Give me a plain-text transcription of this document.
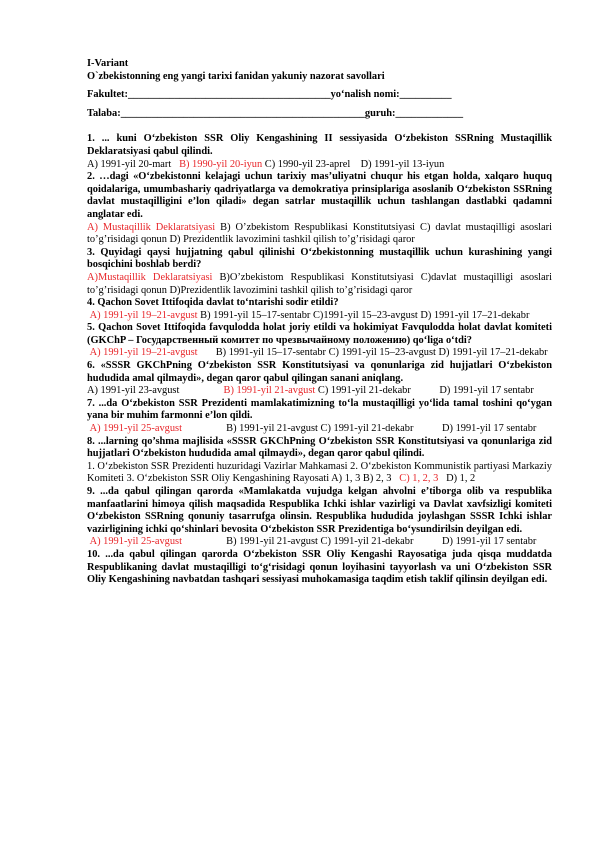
I-Variant
O`zbekistonning eng yangi tarixi fanidan yakuniy nazorat savollari
Fakultet:_______________________________________yo‘nalish nomi:__________
Talaba:_______________________________________________guruh:_____________
1. ... kuni O‘zbekiston SSR Oliy Kengashining II sessiyasida O‘zbekiston SSRning Mustaqillik Deklaratsiyasi qabul qilindi.
A) 1991-yil 20-mart B) 1990-yil 20-iyun C) 1990-yil 23-aprel D) 1991-yil 13-iyun
2. …dagi «O‘zbekistonni kelajagi uchun tarixiy mas’uliyatni chuqur his etgan holda, xalqaro huquq qoidalariga, umumbashariy qadriyatlarga va demokratiya prinsiplariga asoslanib O‘zbekiston SSRning davlat mustaqilligini e’lon qiladi» degan satrlar mustaqillik uchun tashlangan dastlabki qadamni anglatar edi.
A) Mustaqillik Deklaratsiyasi B) O’zbekistom Respublikasi Konstitutsiyasi C) davlat mustaqilligi asoslari to’g’risidagi qonun D) Prezidentlik lavozimini tashkil qilish to’g’risidagi qaror
3. Quyidagi qaysi hujjatning qabul qilinishi O‘zbekistonning mustaqillik uchun kurashining yangi bosqichini boshlab berdi?
A)Mustaqillik Deklaratsiyasi B)O’zbekistom Respublikasi Konstitutsiyasi C)davlat mustaqilligi asoslari to’g’risidagi qonun D)Prezidentlik lavozimini tashkil qilish to’g’risidagi qaror
4. Qachon Sovet Ittifoqida davlat to‘ntarishi sodir etildi?
A) 1991-yil 19–21-avgust B) 1991-yil 15–17-sentabr C)1991-yil 15–23-avgust D) 1991-yil 17–21-dekabr
5. Qachon Sovet Ittifoqida favqulodda holat joriy etildi va hokimiyat Favqulodda holat davlat komiteti (GKChP – Государственный комитет по чрезвычайному положению) qo‘liga o‘tdi?
A) 1991-yil 19–21-avgust B) 1991-yil 15–17-sentabr C) 1991-yil 15–23-avgust D) 1991-yil 17–21-dekabr
6. «SSSR GKChPning O‘zbekiston SSR Konstitutsiyasi va qonunlariga zid hujjatlari O‘zbekiston hududida amal qilmaydi», degan qaror qabul qilingan sanani aniqlang.
A) 1991-yil 23-avgust	B) 1991-yil 21-avgust C) 1991-yil 21-dekabr	D) 1991-yil 17 sentabr
7. ...da O‘zbekiston SSR Prezidenti mamlakatimizning to‘la mustaqilligi yo‘lida tamal toshini qo‘ygan yana bir muhim farmonni e’lon qildi.
A) 1991-yil 25-avgust	B) 1991-yil 21-avgust C) 1991-yil 21-dekabr	D) 1991-yil 17 sentabr
8. ...larning qo’shma majlisida «SSSR GKChPning O‘zbekiston SSR Konstitutsiyasi va qonunlariga zid hujjatlari O‘zbekiston hududida amal qilmaydi», degan qaror qabul qilindi.
1. O‘zbekiston SSR Prezidenti huzuridagi Vazirlar Mahkamasi 2. O‘zbekiston Kommunistik partiyasi Markaziy Komiteti 3. O‘zbekiston SSR Oliy Kengashining Rayosati A) 1, 3 B) 2, 3 C) 1, 2, 3 D) 1, 2
9. ...da qabul qilingan qarorda «Mamlakatda vujudga kelgan ahvolni e’tiborga olib va respublika manfaatlarini himoya qilish maqsadida Respublika Ichki ishlar vazirligi va Davlat xavfsizligi komiteti O‘zbekiston SSRning qonuniy tasarrufga olinsin. Respublika hududida joylashgan SSSR Ichki ishlar vazirligining ichki qo‘shinlari bevosita O‘zbekiston SSR Prezidentiga bo‘ysundirilsin deyilgan edi.
A) 1991-yil 25-avgust	B) 1991-yil 21-avgust C) 1991-yil 21-dekabr	D) 1991-yil 17 sentabr
10. ...da qabul qilingan qarorda O‘zbekiston SSR Oliy Kengashi Rayosatiga juda qisqa muddatda Respublikaning davlat mustaqilligi to‘g‘risidagi qonun loyihasini tayyorlash va uni O‘zbekiston SSR Oliy Kengashining navbatdan tashqari sessiyasi muhokamasiga taqdim etish taklif qilinsin deyilgan edi.
